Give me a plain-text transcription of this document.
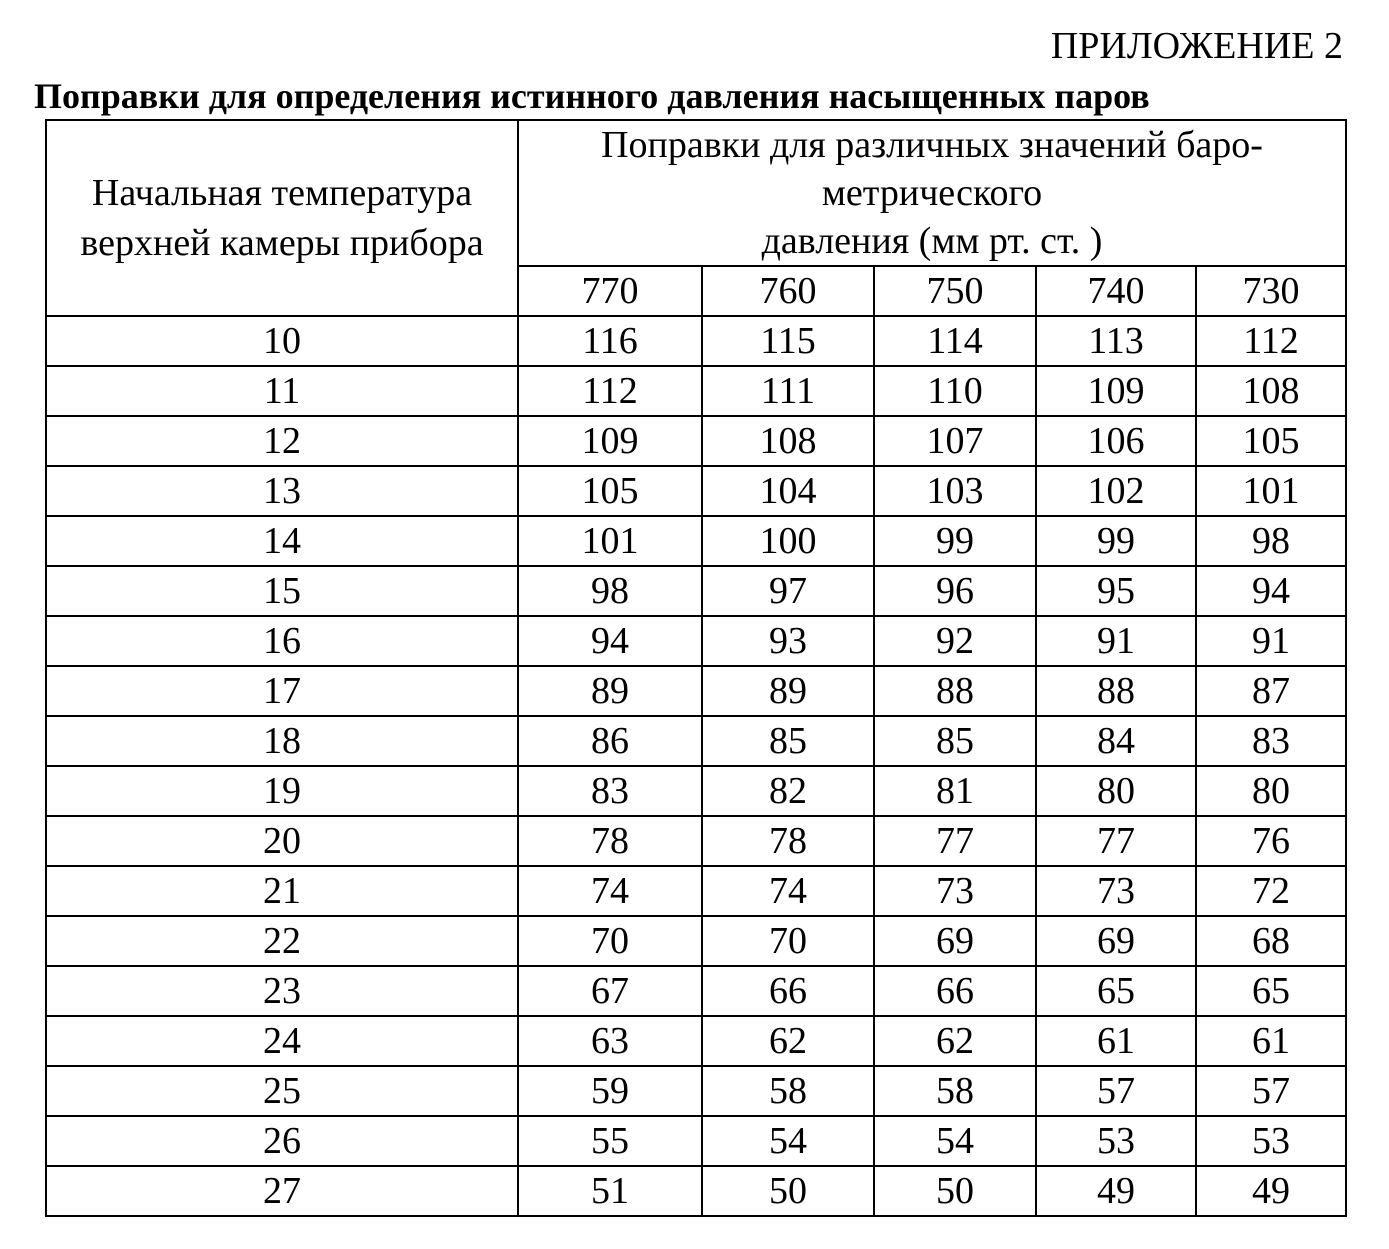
ПРИЛОЖЕНИЕ 2
Поправки для определения истинного давления насыщенных паров
Начальная температура
верхней камеры прибора	Поправки для различных значений баро-
метрического
давления (мм рт. ст. )				

	770	760	750	740	730
10	116	115	114	113	112
11	112	111	110	109	108
12	109	108	107	106	105
13	105	104	103	102	101
14	101	100	99	99	98
15	98	97	96	95	94
16	94	93	92	91	91
17	89	89	88	88	87
18	86	85	85	84	83
19	83	82	81	80	80
20	78	78	77	77	76
21	74	74	73	73	72
22	70	70	69	69	68
23	67	66	66	65	65
24	63	62	62	61	61
25	59	58	58	57	57
26	55	54	54	53	53
27	51	50	50	49	49
